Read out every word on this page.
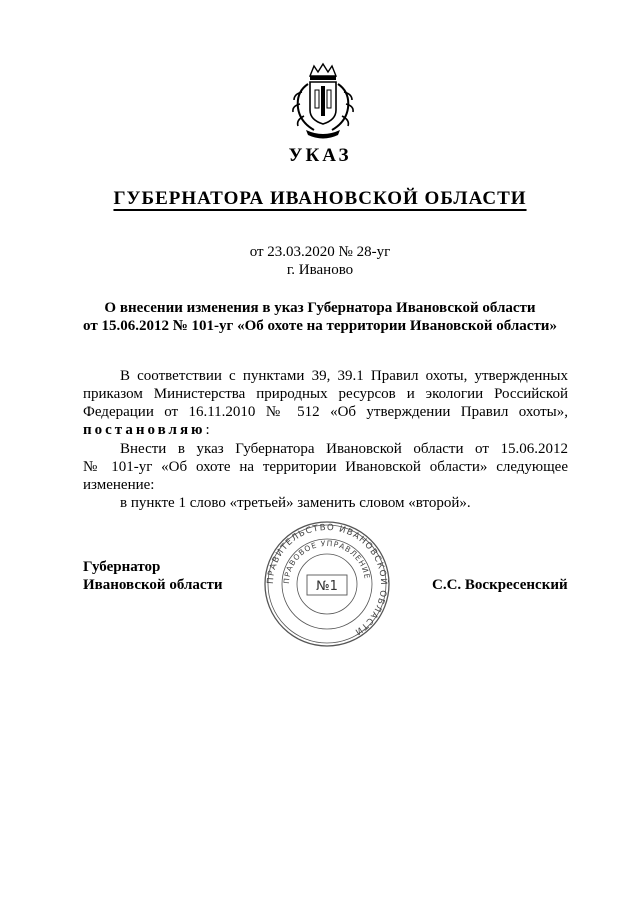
УКАЗ
ГУБЕРНАТОРА ИВАНОВСКОЙ ОБЛАСТИ
от 23.03.2020 № 28-уг
г. Иваново
О внесении изменения в указ Губернатора Ивановской области
от 15.06.2012 № 101-уг «Об охоте на территории Ивановской области»
В соответствии с пунктами 39, 39.1 Правил охоты, утвержденных
приказом Министерства природных ресурсов и экологии Российской
Федерации от 16.11.2010 № 512 «Об утверждении Правил охоты»,
постановляю:
Внести в указ Губернатора Ивановской области от 15.06.2012
№ 101-уг «Об охоте на территории Ивановской области» следующее
изменение:
в пункте 1 слово «третьей» заменить словом «второй».
Губернатор
Ивановской области	С.С. Воскресенский
ПРАВИТЕЛЬСТВО ИВАНОВСКОЙ ОБЛАСТИ
ПРАВОВОЕ УПРАВЛЕНИЕ
№1
